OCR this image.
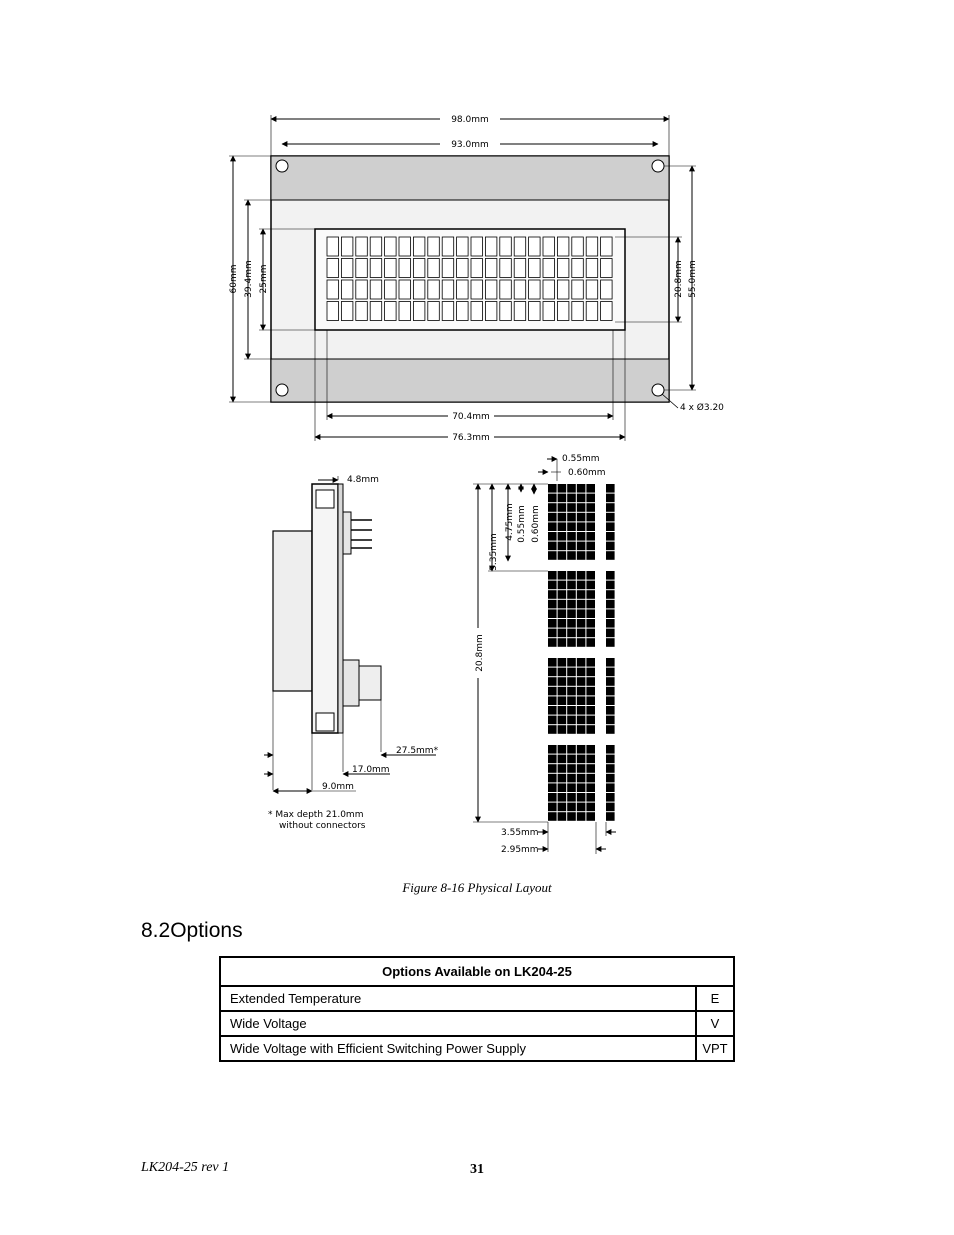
98.0mm
93.0mm
60mm 39.4mm 25mm	20.8mm 55.0mm
70.4mm
76.3mm
4 x Ø3.20
4.8mm
27.5mm*
17.0mm
9.0mm
* Max depth 21.0mm
without connectors
0.55mm
0.60mm
5.35mm
4.75mm 0.55mm 0.60mm
20.8mm
3.55mm
2.95mm
Figure 8-16 Physical Layout
8.2Options
Options Available on LK204-25	
Extended Temperature	E
Wide Voltage	V
Wide Voltage with Efficient Switching Power Supply	VPT
LK204-25 rev 1	31
